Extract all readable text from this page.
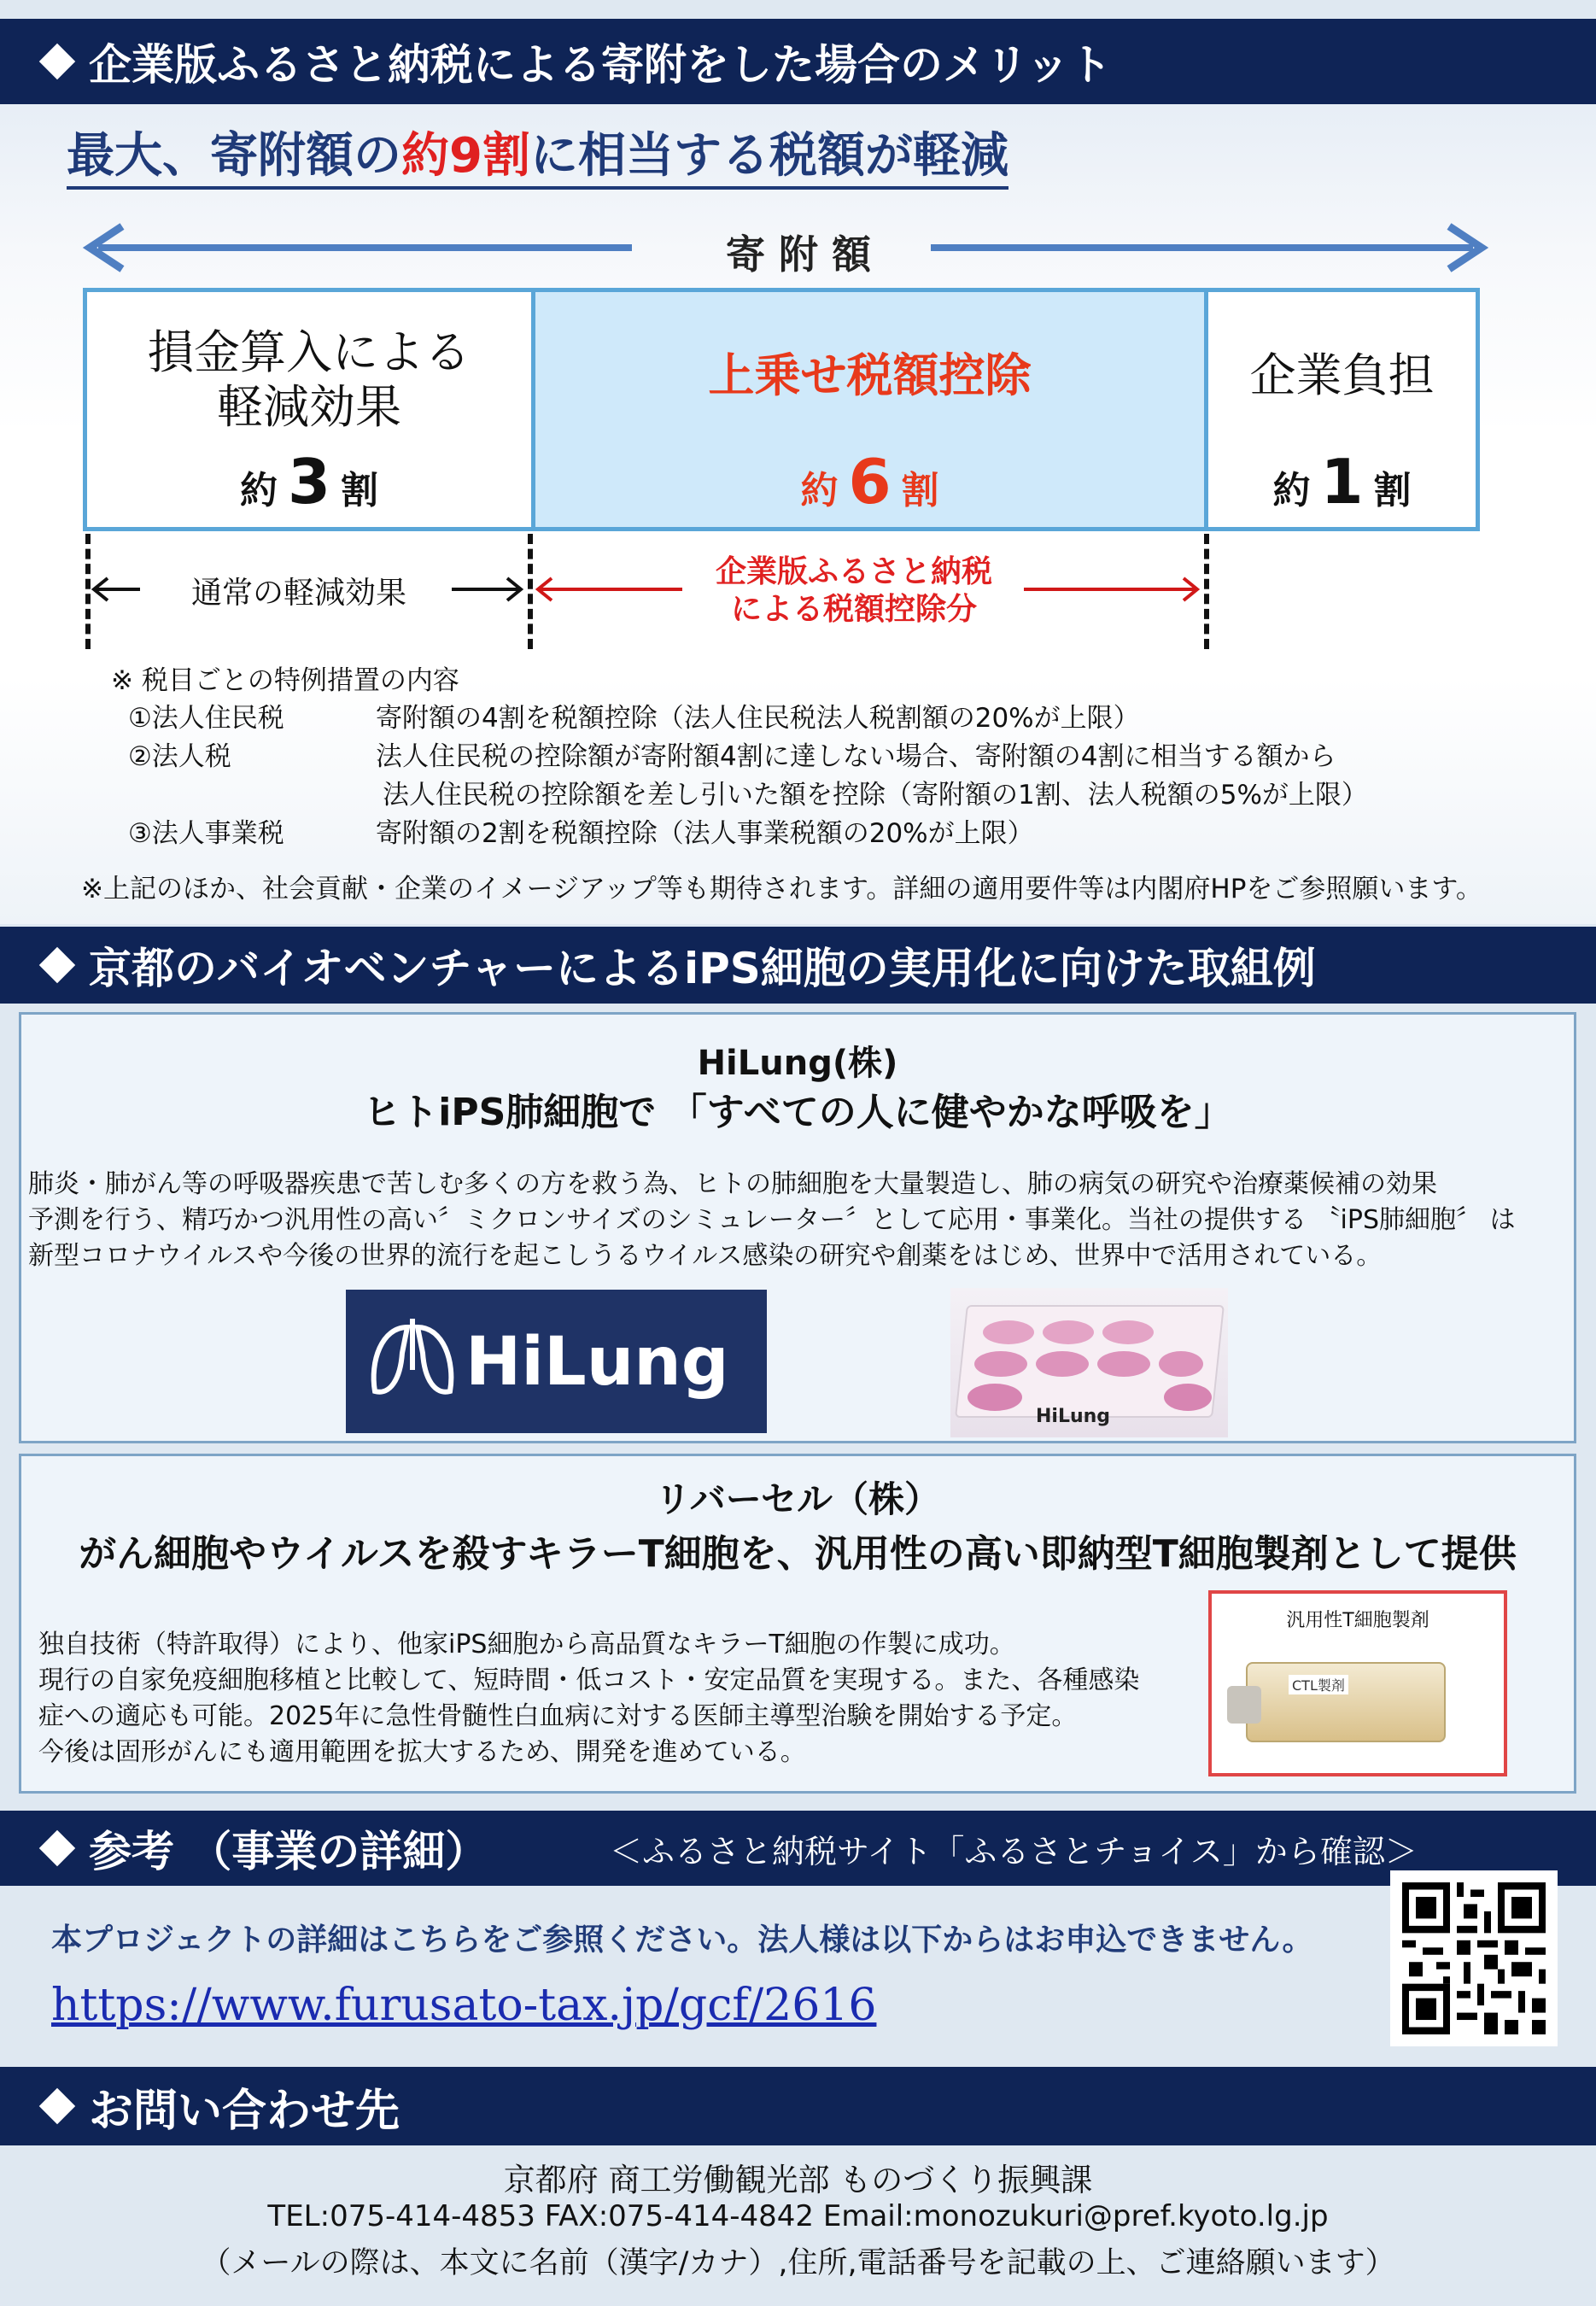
企業版ふるさと納税による寄附をした場合のメリット
最大、寄附額の約9割に相当する税額が軽減
寄 附 額
損金算入による
軽減効果
約 3 割
上乗せ税額控除
約 6 割
企業負担
約 1 割
通常の軽減効果
企業版ふるさと納税
による税額控除分
※ 税目ごとの特例措置の内容
①法人住民税	寄附額の4割を税額控除（法人住民税法人税割額の20%が上限）
②法人税	法人住民税の控除額が寄附額4割に達しない場合、寄附額の4割に相当する額から
法人住民税の控除額を差し引いた額を控除（寄附額の1割、法人税額の5%が上限）
③法人事業税	寄附額の2割を税額控除（法人事業税額の20%が上限）
※上記のほか、社会貢献・企業のイメージアップ等も期待されます。詳細の適用要件等は内閣府HPをご参照願います。
京都のバイオベンチャーによるiPS細胞の実用化に向けた取組例
HiLung(株)
ヒトiPS肺細胞で 「すべての人に健やかな呼吸を」
肺炎・肺がん等の呼吸器疾患で苦しむ多くの方を救う為、ヒトの肺細胞を大量製造し、肺の病気の研究や治療薬候補の効果
予測を行う、精巧かつ汎用性の高い〞ミクロンサイズのシミュレーター〞として応用・事業化。当社の提供する 〝iPS肺細胞〞 は
新型コロナウイルスや今後の世界的流行を起こしうるウイルス感染の研究や創薬をはじめ、世界中で活用されている。
HiLung
HiLung
リバーセル（株）
がん細胞やウイルスを殺すキラーT細胞を、汎用性の高い即納型T細胞製剤として提供
独自技術（特許取得）により、他家iPS細胞から高品質なキラーT細胞の作製に成功。
現行の自家免疫細胞移植と比較して、短時間・低コスト・安定品質を実現する。また、各種感染
症への適応も可能。2025年に急性骨髄性白血病に対する医師主導型治験を開始する予定。
今後は固形がんにも適用範囲を拡大するため、開発を進めている。
汎用性T細胞製剤
CTL製剤
参考 （事業の詳細）	＜ふるさと納税サイト「ふるさとチョイス」から確認＞
本プロジェクトの詳細はこちらをご参照ください。法人様は以下からはお申込できません。
https://www.furusato-tax.jp/gcf/2616
お問い合わせ先
京都府 商工労働観光部 ものづくり振興課
TEL:075-414-4853 FAX:075-414-4842 Email:monozukuri@pref.kyoto.lg.jp
（メールの際は、本文に名前（漢字/カナ）,住所,電話番号を記載の上、ご連絡願います）
